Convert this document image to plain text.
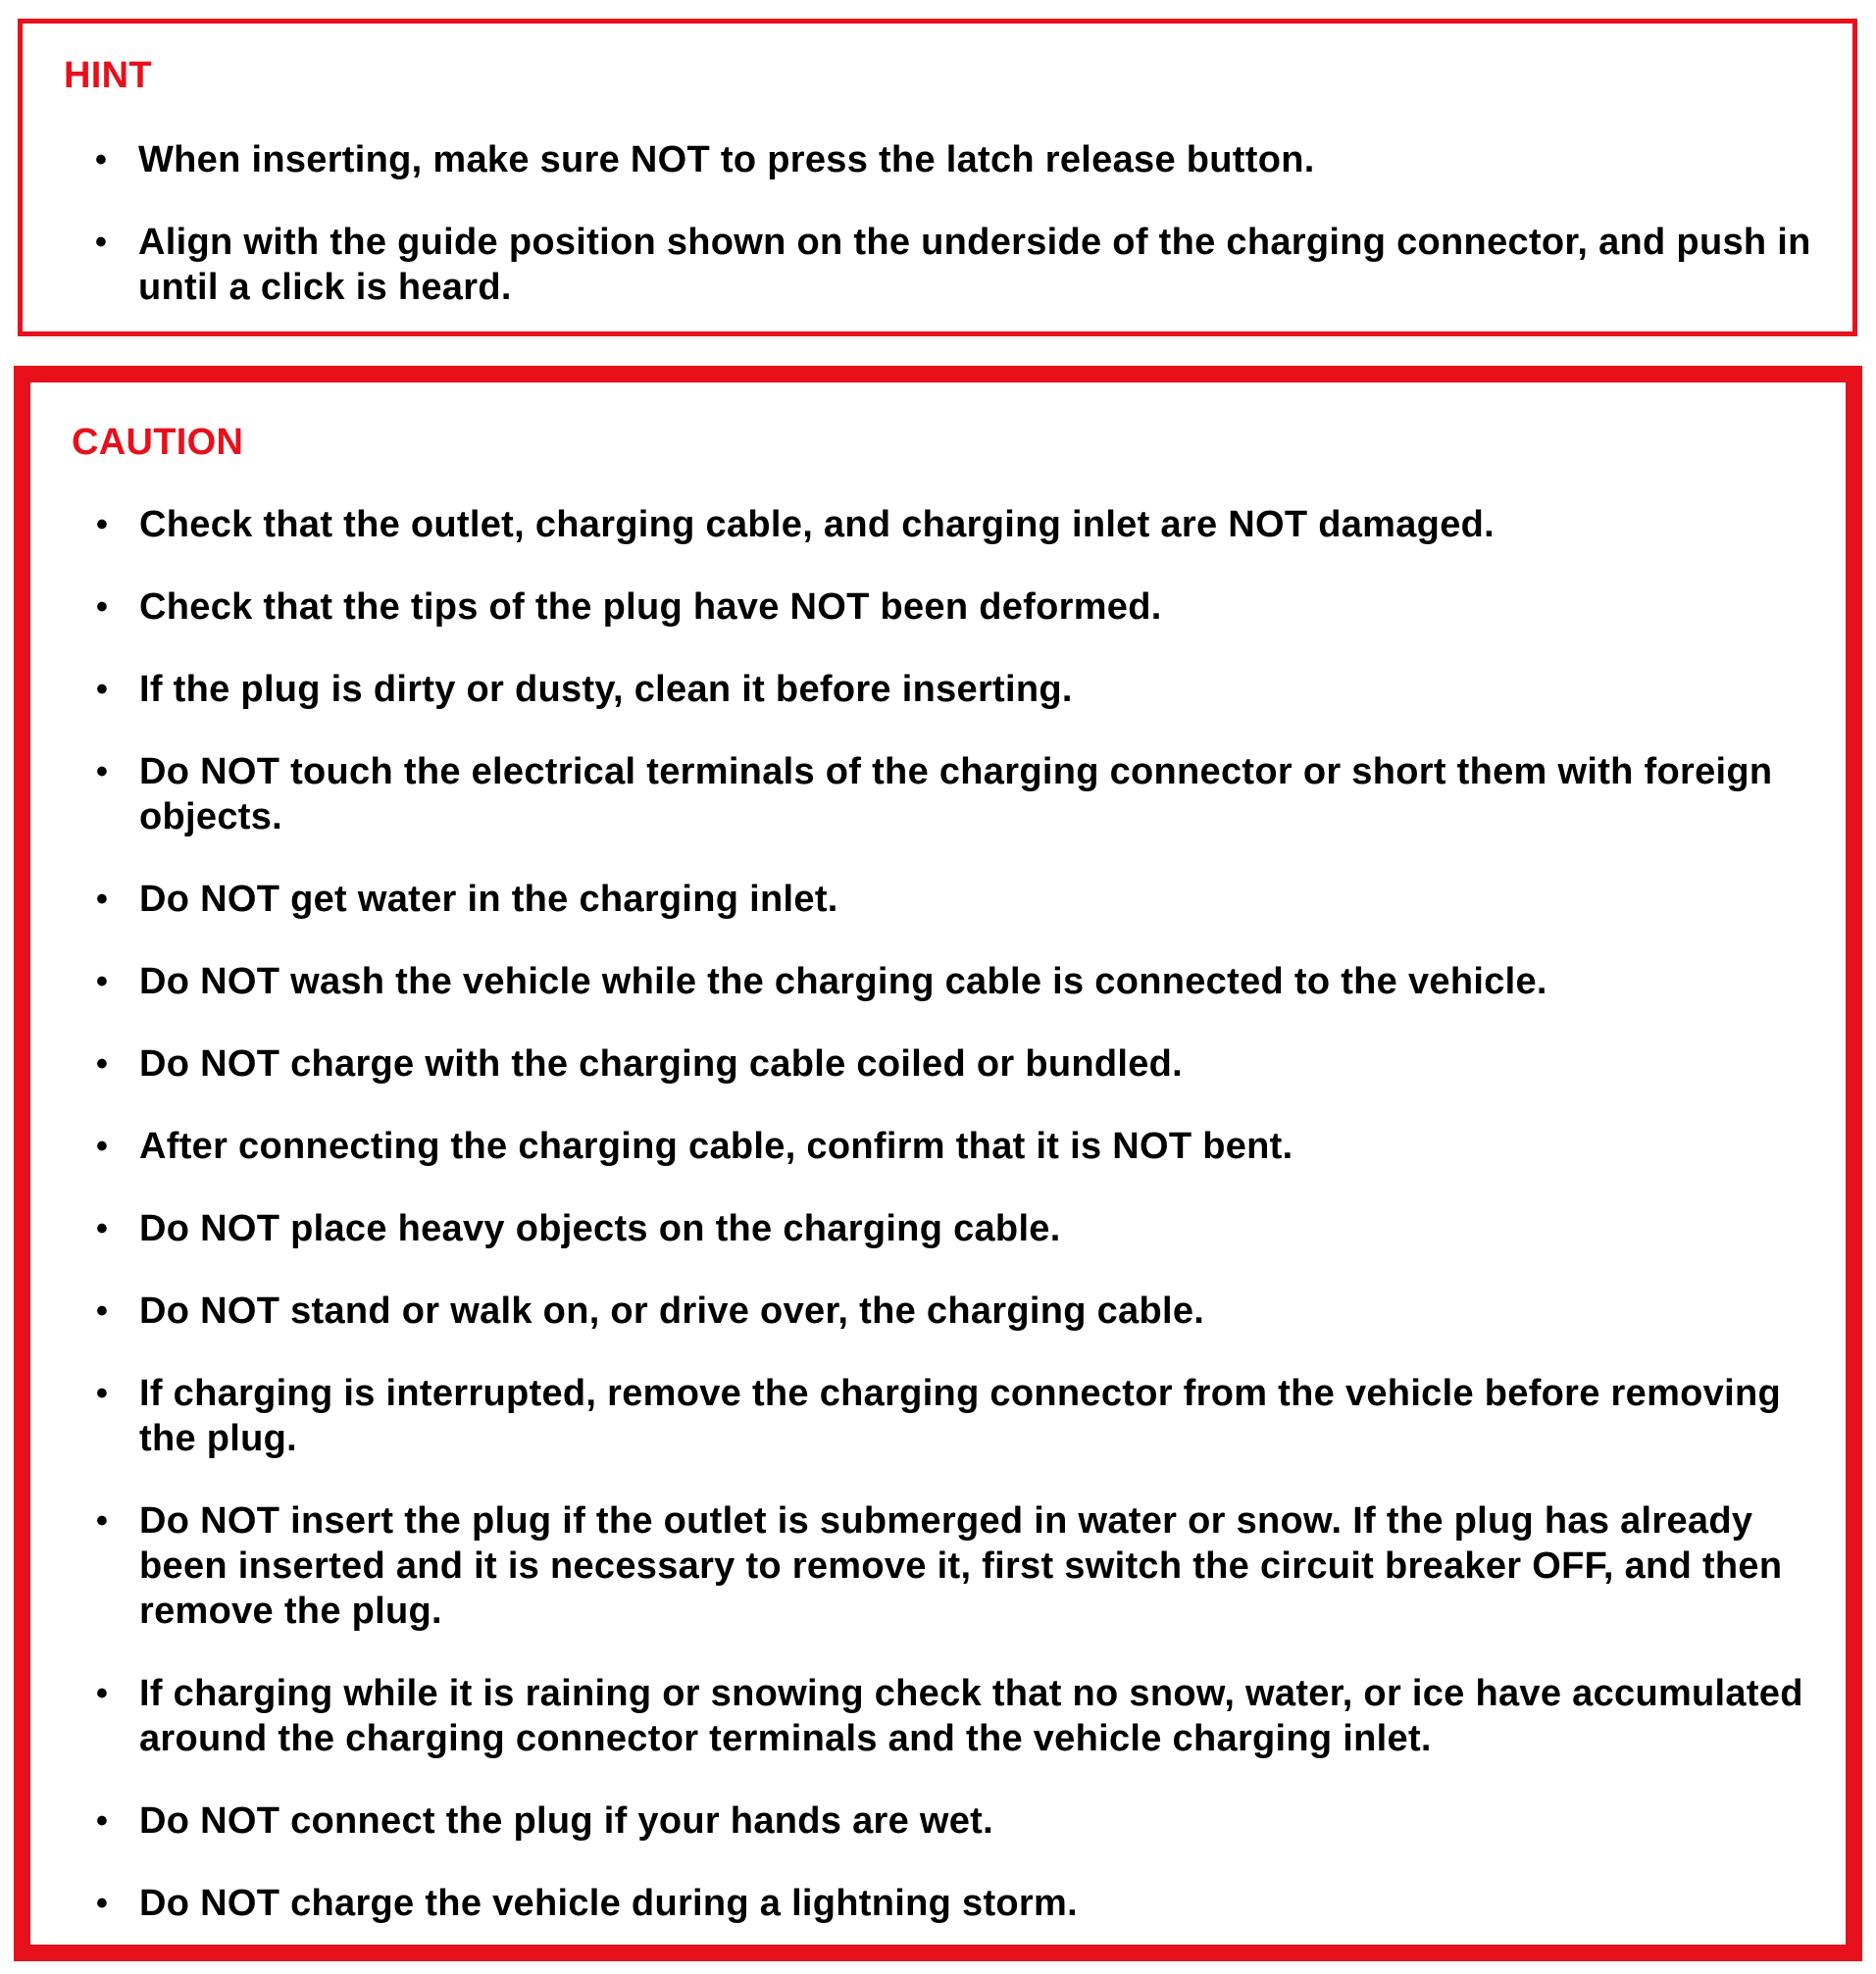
HINT
• When inserting, make sure NOT to press the latch release button.
• Align with the guide position shown on the underside of the charging connector, and push in until a click is heard.
CAUTION
• Check that the outlet, charging cable, and charging inlet are NOT damaged.
• Check that the tips of the plug have NOT been deformed.
• If the plug is dirty or dusty, clean it before inserting.
• Do NOT touch the electrical terminals of the charging connector or short them with foreign objects.
• Do NOT get water in the charging inlet.
• Do NOT wash the vehicle while the charging cable is connected to the vehicle.
• Do NOT charge with the charging cable coiled or bundled.
• After connecting the charging cable, confirm that it is NOT bent.
• Do NOT place heavy objects on the charging cable.
• Do NOT stand or walk on, or drive over, the charging cable.
• If charging is interrupted, remove the charging connector from the vehicle before removing the plug.
• Do NOT insert the plug if the outlet is submerged in water or snow. If the plug has already been inserted and it is necessary to remove it, first switch the circuit breaker OFF, and then remove the plug.
• If charging while it is raining or snowing check that no snow, water, or ice have accumulated around the charging connector terminals and the vehicle charging inlet.
• Do NOT connect the plug if your hands are wet.
• Do NOT charge the vehicle during a lightning storm.
